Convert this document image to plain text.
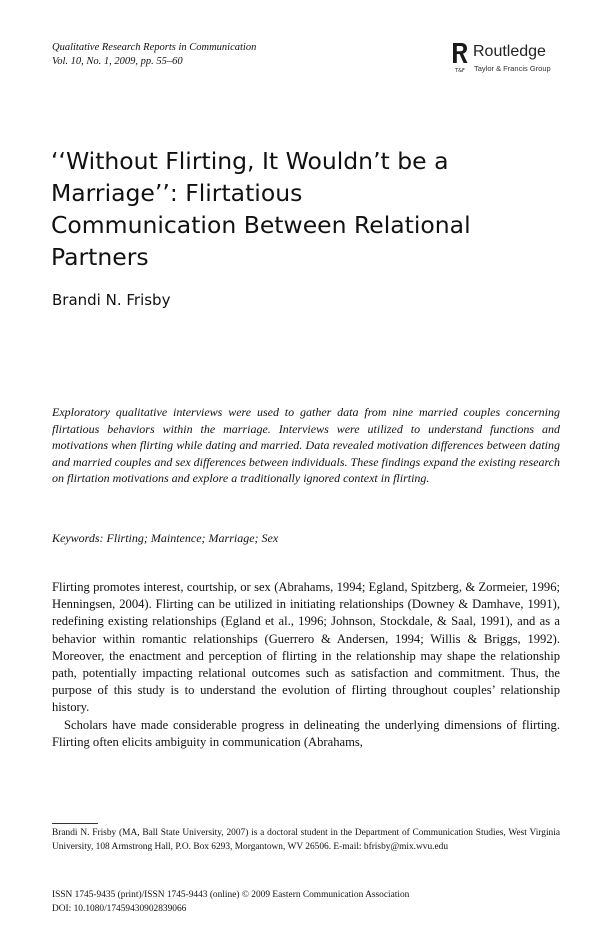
Qualitative Research Reports in Communication
Vol. 10, No. 1, 2009, pp. 55–60
T&F
Routledge
Taylor & Francis Group
‘‘Without Flirting, It Wouldn’t be a Marriage’’: Flirtatious Communication Between Relational Partners
Brandi N. Frisby
Exploratory qualitative interviews were used to gather data from nine married couples concerning flirtatious behaviors within the marriage. Interviews were utilized to understand functions and motivations when flirting while dating and married. Data revealed motivation differences between dating and married couples and sex differences between individuals. These findings expand the existing research on flirtation motivations and explore a traditionally ignored context in flirting.
Keywords: Flirting; Maintence; Marriage; Sex

Flirting promotes interest, courtship, or sex (Abrahams, 1994; Egland, Spitzberg, & Zormeier, 1996; Henningsen, 2004). Flirting can be utilized in initiating relationships (Downey & Damhave, 1991), redefining existing relationships (Egland et al., 1996; Johnson, Stockdale, & Saal, 1991), and as a behavior within romantic relationships (Guerrero & Andersen, 1994; Willis & Briggs, 1992). Moreover, the enactment and perception of flirting in the relationship may shape the relationship path, potentially impacting relational outcomes such as satisfaction and commitment. Thus, the purpose of this study is to understand the evolution of flirting throughout couples’ relationship history.

Scholars have made considerable progress in delineating the underlying dimensions of flirting. Flirting often elicits ambiguity in communication (Abrahams,

Brandi N. Frisby (MA, Ball State University, 2007) is a doctoral student in the Department of Communication Studies, West Virginia University, 108 Armstrong Hall, P.O. Box 6293, Morgantown, WV 26506. E-mail: bfrisby@mix.wvu.edu
ISSN 1745-9435 (print)/ISSN 1745-9443 (online) © 2009 Eastern Communication Association
DOI: 10.1080/17459430902839066
